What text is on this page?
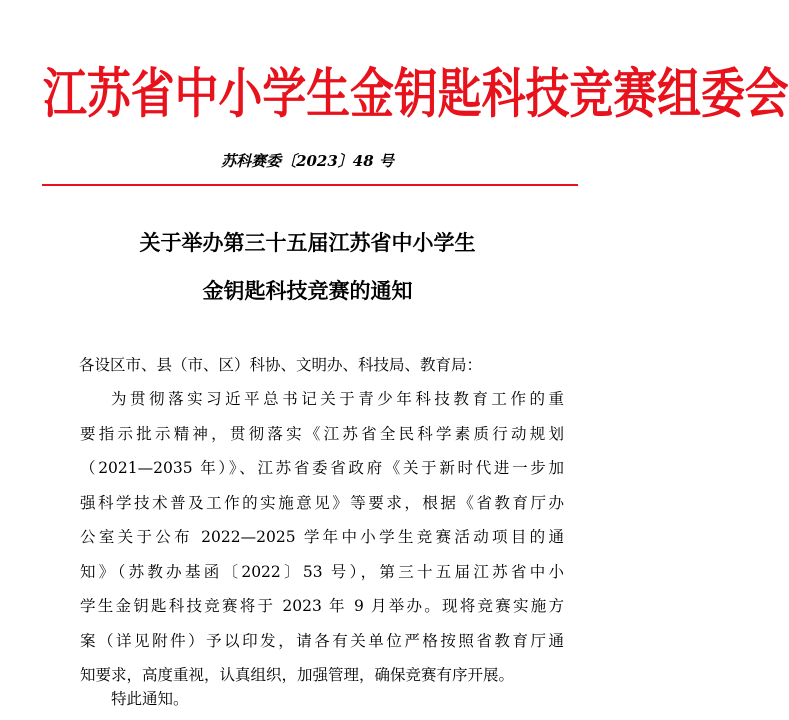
江苏省中小学生金钥匙科技竞赛组委会
苏科赛委〔2023〕48 号
关于举办第三十五届江苏省中小学生
金钥匙科技竞赛的通知
各设区市、县（市、区）科协、文明办、科技局、教育局：
为贯彻落实习近平总书记关于青少年科技教育工作的重
要指示批示精神，贯彻落实《江苏省全民科学素质行动规划
（2021—2035 年）》、江苏省委省政府《关于新时代进一步加
强科学技术普及工作的实施意见》等要求，根据《省教育厅办
公室关于公布 2022—2025 学年中小学生竞赛活动项目的通
知》（苏教办基函〔2022〕53 号），第三十五届江苏省中小
学生金钥匙科技竞赛将于 2023 年 9 月举办。现将竞赛实施方
案（详见附件）予以印发，请各有关单位严格按照省教育厅通
知要求，高度重视，认真组织，加强管理，确保竞赛有序开展。
特此通知。
